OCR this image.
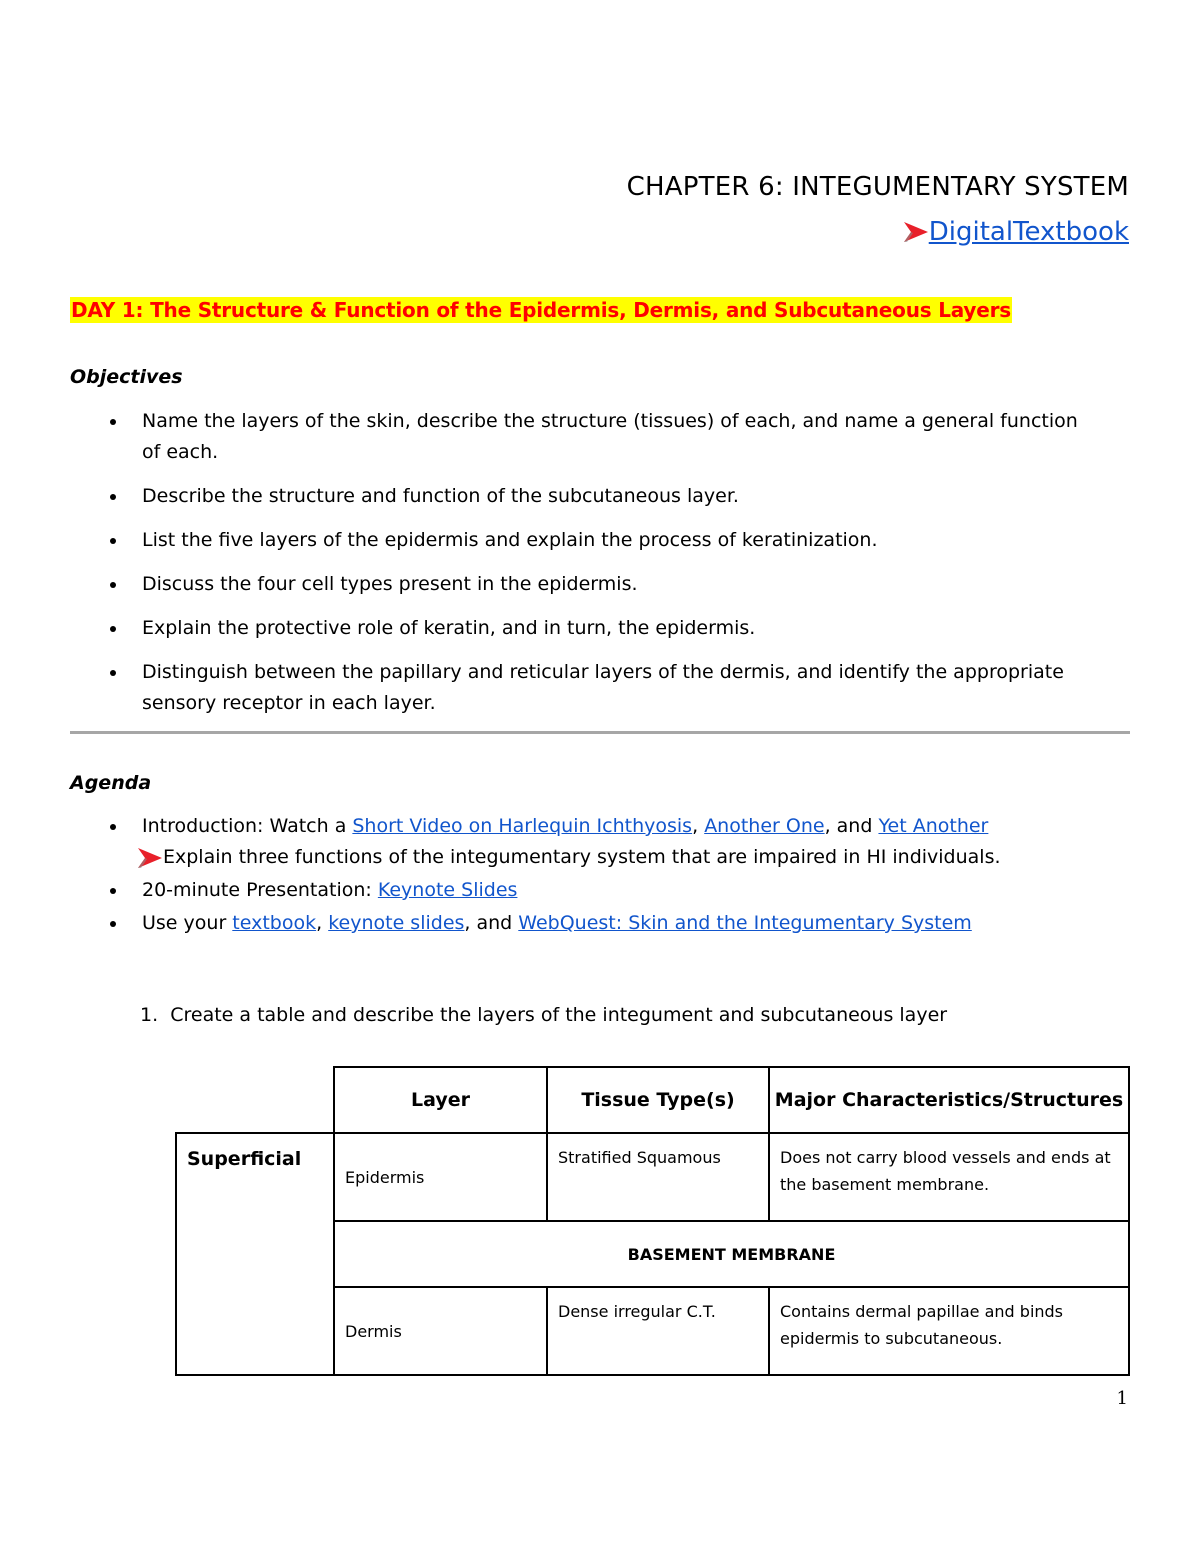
CHAPTER 6: INTEGUMENTARY SYSTEM
DigitalTextbook
DAY 1: The Structure & Function of the Epidermis, Dermis, and Subcutaneous Layers
Objectives
Name the layers of the skin, describe the structure (tissues) of each, and name a general function of each.
Describe the structure and function of the subcutaneous layer.
List the five layers of the epidermis and explain the process of keratinization.
Discuss the four cell types present in the epidermis.
Explain the protective role of keratin, and in turn, the epidermis.
Distinguish between the papillary and reticular layers of the dermis, and identify the appropriate sensory receptor in each layer.
Agenda
Introduction: Watch a Short Video on Harlequin Ichthyosis, Another One, and Yet Another
Explain three functions of the integumentary system that are impaired in HI individuals.
20-minute Presentation: Keynote Slides
Use your textbook, keynote slides, and WebQuest: Skin and the Integumentary System
1. Create a table and describe the layers of the integument and subcutaneous layer
	Layer	Tissue Type(s)	Major Characteristics/Structures
Superficial	Epidermis	Stratified Squamous	Does not carry blood vessels and ends at the basement membrane.
	BASEMENT MEMBRANE		
	Dermis	Dense irregular C.T.	Contains dermal papillae and binds epidermis to subcutaneous.
1
